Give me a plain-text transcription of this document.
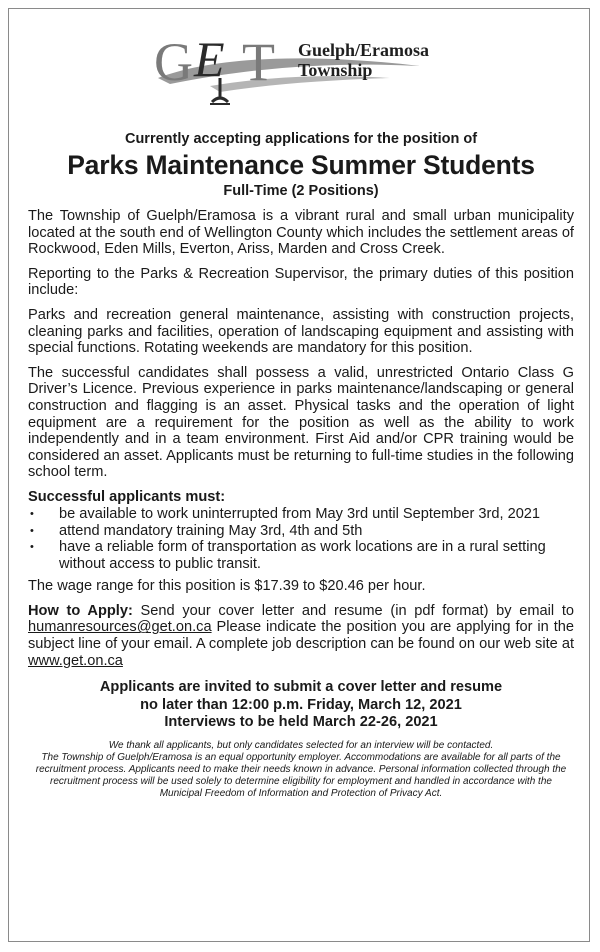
G E T Guelph/Eramosa
Township

Currently accepting applications for the position of

Parks Maintenance Summer Students

Full-Time (2 Positions)

The Township of Guelph/Eramosa is a vibrant rural and small urban municipality located at the south end of Wellington County which includes the settlement areas of Rockwood, Eden Mills, Everton, Ariss, Marden and Cross Creek.

Reporting to the Parks & Recreation Supervisor, the primary duties of this position include:

Parks and recreation general maintenance, assisting with construction projects, cleaning parks and facilities, operation of landscaping equipment and assisting with special functions. Rotating weekends are mandatory for this position.

The successful candidates shall possess a valid, unrestricted Ontario Class G Driver’s Licence. Previous experience in parks maintenance/landscaping or general construction and flagging is an asset. Physical tasks and the operation of light equipment are a requirement for the position as well as the ability to work independently and in a team environment. First Aid and/or CPR training would be considered an asset. Applicants must be returning to full-time studies in the following school term.

Successful applicants must:

• be available to work uninterrupted from May 3rd until September 3rd, 2021
• attend mandatory training May 3rd, 4th and 5th
• have a reliable form of transportation as work locations are in a rural setting without access to public transit.

The wage range for this position is $17.39 to $20.46 per hour.

How to Apply: Send your cover letter and resume (in pdf format) by email to humanresources@get.on.ca Please indicate the position you are applying for in the subject line of your email. A complete job description can be found on our web site at www.get.on.ca

Applicants are invited to submit a cover letter and resume
no later than 12:00 p.m. Friday, March 12, 2021
Interviews to be held March 22-26, 2021

We thank all applicants, but only candidates selected for an interview will be contacted.

The Township of Guelph/Eramosa is an equal opportunity employer. Accommodations are available for all parts of the recruitment process. Applicants need to make their needs known in advance. Personal information collected through the recruitment process will be used solely to determine eligibility for employment and handled in accordance with the Municipal Freedom of Information and Protection of Privacy Act.
